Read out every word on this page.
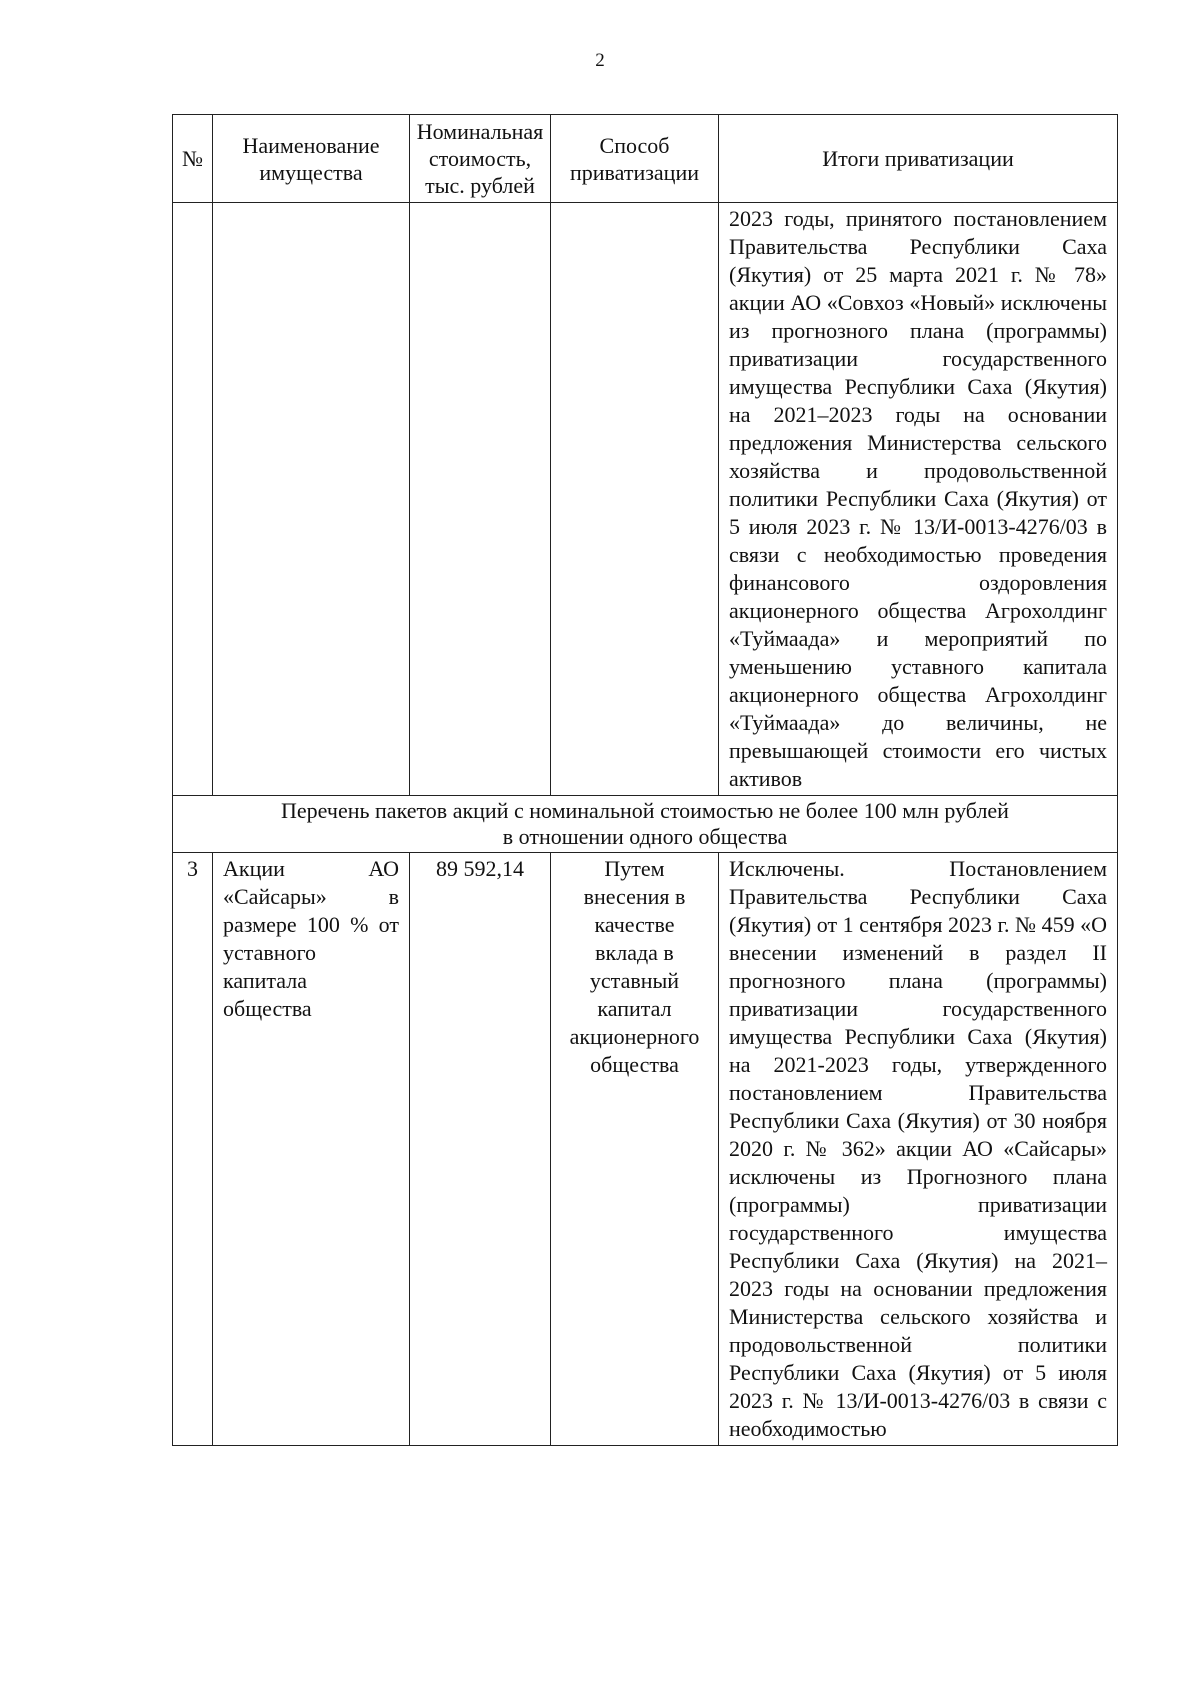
2
№	Наименование имущества	Номинальная стоимость, тыс. рублей	Способ приватизации	Итоги приватизации
				2023 годы, принятого постановлением Правительства Республики Саха (Якутия) от 25 марта 2021 г. № 78» акции АО «Совхоз «Новый» исключены из прогнозного плана (программы) приватизации государственного имущества Республики Саха (Якутия) на 2021–2023 годы на основании предложения Министерства сельского хозяйства и продовольственной политики Республики Саха (Якутия) от 5 июля 2023 г. № 13/И-0013-4276/03 в связи с необходимостью проведения финансового оздоровления акционерного общества Агрохолдинг «Туймаада» и мероприятий по уменьшению уставного капитала акционерного общества Агрохолдинг «Туймаада» до величины, не превышающей стоимости его чистых активов

Перечень пакетов акций с номинальной стоимостью не более 100 млн рублей
в отношении одного общества				

3	Акции АО «Сайсары» в размере 100 % от уставного капитала общества	89 592,14	Путем внесения в качестве вклада в уставный капитал акционерного общества	Исключены. Постановлением Правительства Республики Саха (Якутия) от 1 сентября 2023 г. № 459 «О внесении изменений в раздел II прогнозного плана (программы) приватизации государственного имущества Республики Саха (Якутия) на 2021-2023 годы, утвержденного постановлением Правительства Республики Саха (Якутия) от 30 ноября 2020 г. № 362» акции АО «Сайсары» исключены из Прогнозного плана (программы) приватизации государственного имущества Республики Саха (Якутия) на 2021–2023 годы на основании предложения Министерства сельского хозяйства и продовольственной политики Республики Саха (Якутия) от 5 июля 2023 г. № 13/И-0013-4276/03 в связи с необходимостью
